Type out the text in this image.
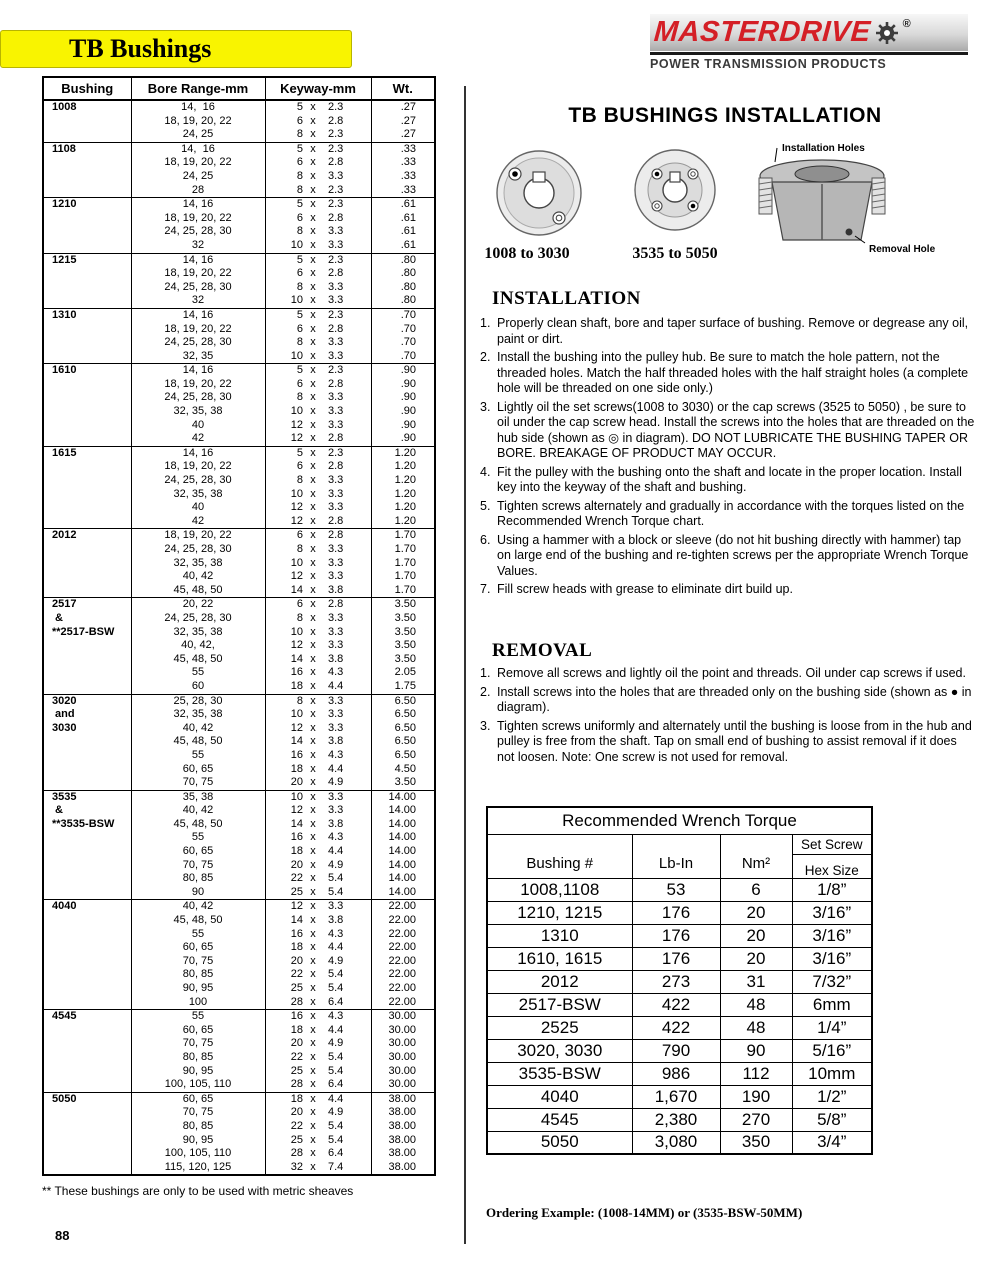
TB Bushings
Bushing	Bore Range-mm	Keyway-mm			Wt.
1008	14,  16	5	x	2.3	.27
	18, 19, 20, 22	6	x	2.8	.27
	24, 25	8	x	2.3	.27
1108	14,  16	5	x	2.3	.33
	18, 19, 20, 22	6	x	2.8	.33
	24, 25	8	x	3.3	.33
	28	8	x	2.3	.33
1210	14, 16	5	x	2.3	.61
	18, 19, 20, 22	6	x	2.8	.61
	24, 25, 28, 30	8	x	3.3	.61
	32	10	x	3.3	.61
1215	14, 16	5	x	2.3	.80
	18, 19, 20, 22	6	x	2.8	.80
	24, 25, 28, 30	8	x	3.3	.80
	32	10	x	3.3	.80
1310	14, 16	5	x	2.3	.70
	18, 19, 20, 22	6	x	2.8	.70
	24, 25, 28, 30	8	x	3.3	.70
	32, 35	10	x	3.3	.70
1610	14, 16	5	x	2.3	.90
	18, 19, 20, 22	6	x	2.8	.90
	24, 25, 28, 30	8	x	3.3	.90
	32, 35, 38	10	x	3.3	.90
	40	12	x	3.3	.90
	42	12	x	2.8	.90
1615	14, 16	5	x	2.3	1.20
	18, 19, 20, 22	6	x	2.8	1.20
	24, 25, 28, 30	8	x	3.3	1.20
	32, 35, 38	10	x	3.3	1.20
	40	12	x	3.3	1.20
	42	12	x	2.8	1.20
2012	18, 19, 20, 22	6	x	2.8	1.70
	24, 25, 28, 30	8	x	3.3	1.70
	32, 35, 38	10	x	3.3	1.70
	40, 42	12	x	3.3	1.70
	45, 48, 50	14	x	3.8	1.70
2517	20, 22	6	x	2.8	3.50
&	24, 25, 28, 30	8	x	3.3	3.50
**2517-BSW	32, 35, 38	10	x	3.3	3.50
	40, 42,	12	x	3.3	3.50
	45, 48, 50	14	x	3.8	3.50
	55	16	x	4.3	2.05
	60	18	x	4.4	1.75
3020	25, 28, 30	8	x	3.3	6.50
and	32, 35, 38	10	x	3.3	6.50
3030	40, 42	12	x	3.3	6.50
	45, 48, 50	14	x	3.8	6.50
	55	16	x	4.3	6.50
	60, 65	18	x	4.4	4.50
	70, 75	20	x	4.9	3.50
3535	35, 38	10	x	3.3	14.00
&	40, 42	12	x	3.3	14.00
**3535-BSW	45, 48, 50	14	x	3.8	14.00
	55	16	x	4.3	14.00
	60, 65	18	x	4.4	14.00
	70, 75	20	x	4.9	14.00
	80, 85	22	x	5.4	14.00
	90	25	x	5.4	14.00
4040	40, 42	12	x	3.3	22.00
	45, 48, 50	14	x	3.8	22.00
	55	16	x	4.3	22.00
	60, 65	18	x	4.4	22.00
	70, 75	20	x	4.9	22.00
	80, 85	22	x	5.4	22.00
	90, 95	25	x	5.4	22.00
	100	28	x	6.4	22.00
4545	55	16	x	4.3	30.00
	60, 65	18	x	4.4	30.00
	70, 75	20	x	4.9	30.00
	80, 85	22	x	5.4	30.00
	90, 95	25	x	5.4	30.00
	100, 105, 110	28	x	6.4	30.00
5050	60, 65	18	x	4.4	38.00
	70, 75	20	x	4.9	38.00
	80, 85	22	x	5.4	38.00
	90, 95	25	x	5.4	38.00
	100, 105, 110	28	x	6.4	38.00
	115, 120, 125	32	x	7.4	38.00
** These bushings are only to be used with metric sheaves
88
MASTERDRIVE	®
POWER TRANSMISSION PRODUCTS
TB BUSHINGS INSTALLATION
Installation Holes
Removal Hole
1008 to 3030	3535 to 5050
INSTALLATION
Properly clean shaft, bore and taper surface of bushing. Remove or degrease any oil, paint or dirt.
Install the bushing into the pulley hub. Be sure to match the hole pattern, not the threaded holes. Match the half threaded holes with the half straight holes (a complete hole will be threaded on one side only.)
Lightly oil the set screws(1008 to 3030) or the cap screws (3525 to 5050) , be sure to oil under the cap screw head. Install the screws into the holes that are threaded on the hub side (shown as ◎ in diagram). DO NOT LUBRICATE THE BUSHING TAPER OR BORE. BREAKAGE OF PRODUCT MAY OCCUR.
Fit the pulley with the bushing onto the shaft and locate in the proper location. Install key into the keyway of the shaft and bushing.
Tighten screws alternately and gradually in accordance with the torques listed on the Recommended Wrench Torque chart.
Using a hammer with a block or sleeve (do not hit bushing directly with hammer) tap on large end of the bushing and re-tighten screws per the appropriate Wrench Torque Values.
Fill screw heads with grease to eliminate dirt build up.
REMOVAL
Remove all screws and lightly oil the point and threads. Oil under cap screws if used.
Install screws into the holes that are threaded only on the bushing side (shown as ● in diagram).
Tighten screws uniformly and alternately until the bushing is loose from in the hub and pulley is free from the shaft. Tap on small end of bushing to assist removal if it does not loosen. Note: One screw is not used for removal.
Recommended Wrench Torque			
Bushing #	Lb-In	Nm²	Set Screw
Hex Size

1008,1108	53	6	1/8”
1210, 1215	176	20	3/16”
1310	176	20	3/16”
1610, 1615	176	20	3/16”
2012	273	31	7/32”
2517-BSW	422	48	6mm
2525	422	48	1/4”
3020, 3030	790	90	5/16”
3535-BSW	986	112	10mm
4040	1,670	190	1/2”
4545	2,380	270	5/8”
5050	3,080	350	3/4”
Ordering Example: (1008-14MM) or (3535-BSW-50MM)
